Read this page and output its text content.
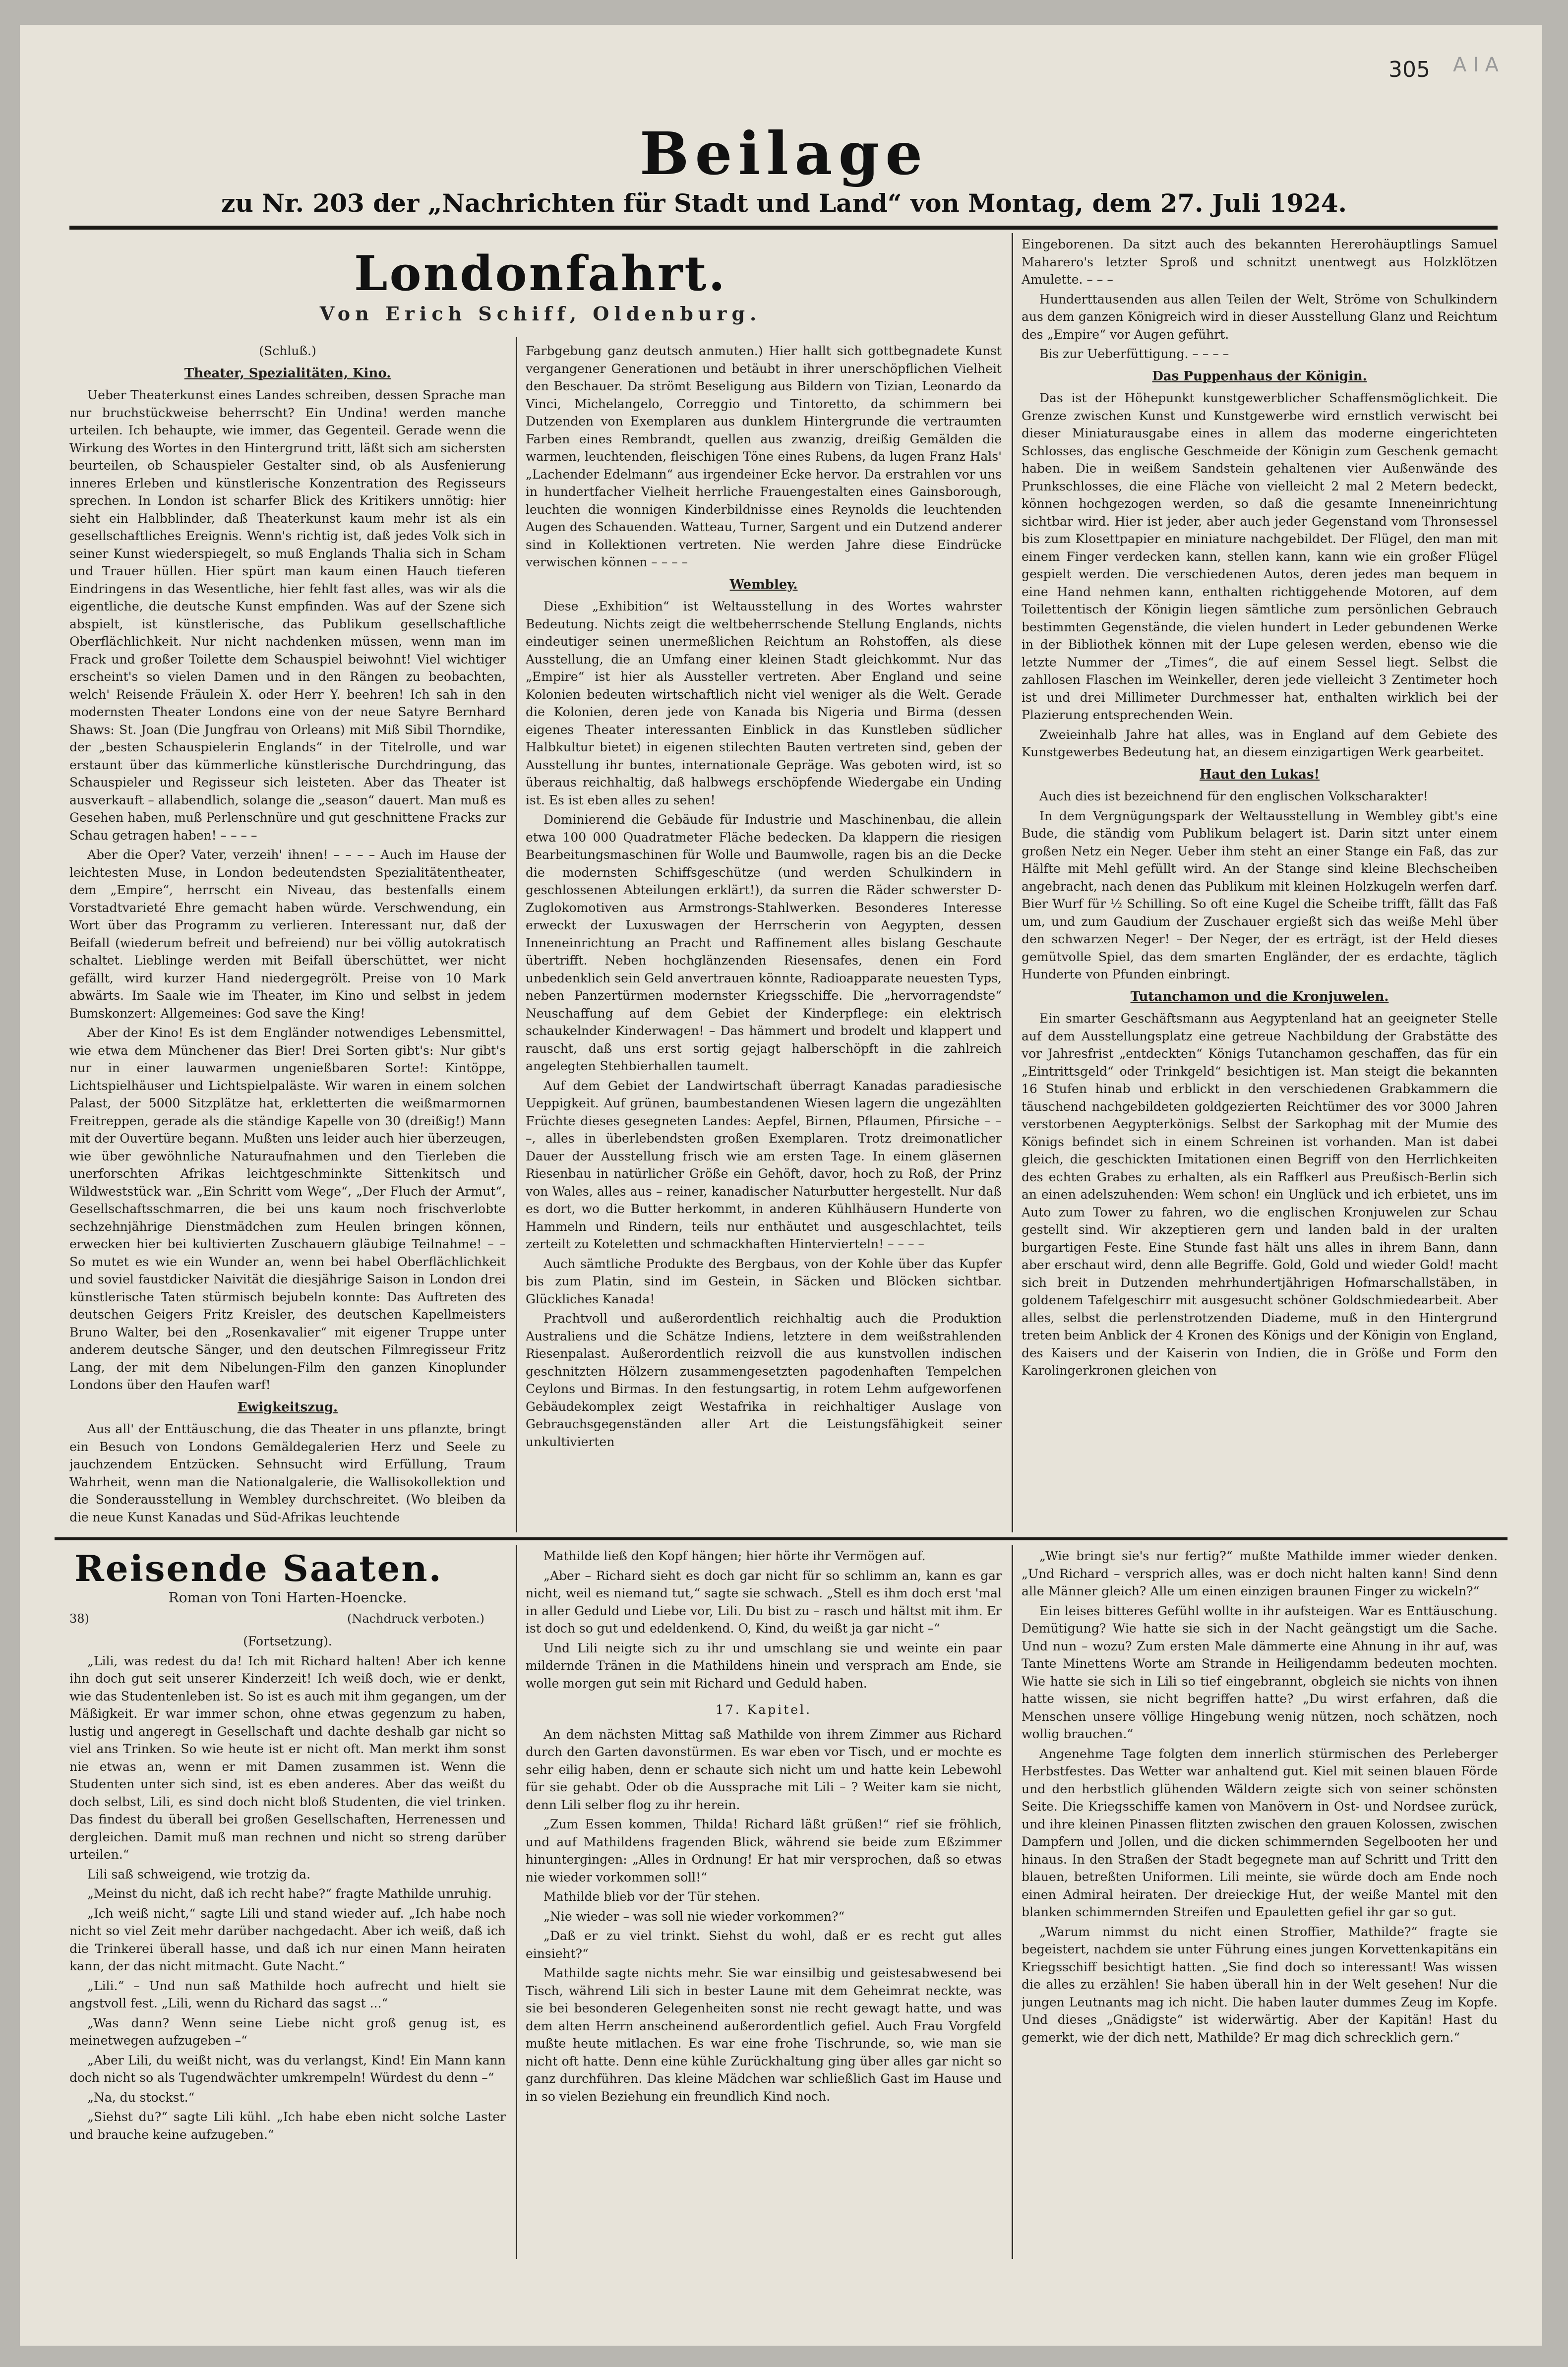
305 A I A
Beilage
zu Nr. 203 der „Nachrichten für Stadt und Land“ von Montag, dem 27. Juli 1924.
Londonfahrt.
Von Erich Schiff, Oldenburg.

(Schluß.)

Theater, Spezialitäten, Kino.

Ueber Theaterkunst eines Landes schreiben, dessen Sprache man nur bruchstückweise beherrscht? Ein Undina! werden manche urteilen. Ich behaupte, wie immer, das Gegenteil. Gerade wenn die Wirkung des Wortes in den Hintergrund tritt, läßt sich am sichersten beurteilen, ob Schauspieler Gestalter sind, ob als Ausfenierung inneres Erleben und künstlerische Konzentration des Regisseurs sprechen. In London ist scharfer Blick des Kritikers unnötig: hier sieht ein Halbblinder, daß Theaterkunst kaum mehr ist als ein gesellschaftliches Ereignis. Wenn's richtig ist, daß jedes Volk sich in seiner Kunst wiederspiegelt, so muß Englands Thalia sich in Scham und Trauer hüllen. Hier spürt man kaum einen Hauch tieferen Eindringens in das Wesentliche, hier fehlt fast alles, was wir als die eigentliche, die deutsche Kunst empfinden. Was auf der Szene sich abspielt, ist künstlerische, das Publikum gesellschaftliche Oberflächlichkeit. Nur nicht nachdenken müssen, wenn man im Frack und großer Toilette dem Schauspiel beiwohnt! Viel wichtiger erscheint's so vielen Damen und in den Rängen zu beobachten, welch' Reisende Fräulein X. oder Herr Y. beehren! Ich sah in den modernsten Theater Londons eine von der neue Satyre Bernhard Shaws: St. Joan (Die Jungfrau von Orleans) mit Miß Sibil Thorndike, der „besten Schauspielerin Englands“ in der Titelrolle, und war erstaunt über das kümmerliche künstlerische Durchdringung, das Schauspieler und Regisseur sich leisteten. Aber das Theater ist ausverkauft – allabendlich, solange die „season“ dauert. Man muß es Gesehen haben, muß Perlenschnüre und gut geschnittene Fracks zur Schau getragen haben! – – – –

Aber die Oper? Vater, verzeih' ihnen! – – – – Auch im Hause der leichtesten Muse, in London bedeutendsten Spezialitätentheater, dem „Empire“, herrscht ein Niveau, das bestenfalls einem Vorstadtvarieté Ehre gemacht haben würde. Verschwendung, ein Wort über das Programm zu verlieren. Interessant nur, daß der Beifall (wiederum befreit und befreiend) nur bei völlig autokratisch schaltet. Lieblinge werden mit Beifall überschüttet, wer nicht gefällt, wird kurzer Hand niedergegrölt. Preise von 10 Mark abwärts. Im Saale wie im Theater, im Kino und selbst in jedem Bumskonzert: Allgemeines: God save the King!

Aber der Kino! Es ist dem Engländer notwendiges Lebensmittel, wie etwa dem Münchener das Bier! Drei Sorten gibt's: Nur gibt's nur in einer lauwarmen ungenießbaren Sorte!: Kintöppe, Lichtspielhäuser und Lichtspielpaläste. Wir waren in einem solchen Palast, der 5000 Sitzplätze hat, erkletterten die weißmarmornen Freitreppen, gerade als die ständige Kapelle von 30 (dreißig!) Mann mit der Ouvertüre begann. Mußten uns leider auch hier überzeugen, wie über gewöhnliche Naturaufnahmen und den Tierleben die unerforschten Afrikas leichtgeschminkte Sittenkitsch und Wildweststück war. „Ein Schritt vom Wege“, „Der Fluch der Armut“, Gesellschaftsschmarren, die bei uns kaum noch frischverlobte sechzehnjährige Dienstmädchen zum Heulen bringen können, erwecken hier bei kultivierten Zuschauern gläubige Teilnahme! – – So mutet es wie ein Wunder an, wenn bei habel Oberflächlichkeit und soviel faustdicker Naivität die diesjährige Saison in London drei künstlerische Taten stürmisch bejubeln konnte: Das Auftreten des deutschen Geigers Fritz Kreisler, des deutschen Kapellmeisters Bruno Walter, bei den „Rosenkavalier“ mit eigener Truppe unter anderem deutsche Sänger, und den deutschen Filmregisseur Fritz Lang, der mit dem Nibelungen-Film den ganzen Kinoplunder Londons über den Haufen warf!

Ewigkeitszug.

Aus all' der Enttäuschung, die das Theater in uns pflanzte, bringt ein Besuch von Londons Gemäldegalerien Herz und Seele zu jauchzendem Entzücken. Sehnsucht wird Erfüllung, Traum Wahrheit, wenn man die Nationalgalerie, die Wallisokollektion und die Sonderausstellung in Wembley durchschreitet. (Wo bleiben da die neue Kunst Kanadas und Süd-Afrikas leuchtende

Farbgebung ganz deutsch anmuten.) Hier hallt sich gottbegnadete Kunst vergangener Generationen und betäubt in ihrer unerschöpflichen Vielheit den Beschauer. Da strömt Beseligung aus Bildern von Tizian, Leonardo da Vinci, Michelangelo, Correggio und Tintoretto, da schimmern bei Dutzenden von Exemplaren aus dunklem Hintergrunde die vertraumten Farben eines Rembrandt, quellen aus zwanzig, dreißig Gemälden die warmen, leuchtenden, fleischigen Töne eines Rubens, da lugen Franz Hals' „Lachender Edelmann“ aus irgendeiner Ecke hervor. Da erstrahlen vor uns in hundertfacher Vielheit herrliche Frauengestalten eines Gainsborough, leuchten die wonnigen Kinderbildnisse eines Reynolds die leuchtenden Augen des Schauenden. Watteau, Turner, Sargent und ein Dutzend anderer sind in Kollektionen vertreten. Nie werden Jahre diese Eindrücke verwischen können – – – –

Wembley.

Diese „Exhibition“ ist Weltausstellung in des Wortes wahrster Bedeutung. Nichts zeigt die weltbeherrschende Stellung Englands, nichts eindeutiger seinen unermeßlichen Reichtum an Rohstoffen, als diese Ausstellung, die an Umfang einer kleinen Stadt gleichkommt. Nur das „Empire“ ist hier als Aussteller vertreten. Aber England und seine Kolonien bedeuten wirtschaftlich nicht viel weniger als die Welt. Gerade die Kolonien, deren jede von Kanada bis Nigeria und Birma (dessen eigenes Theater interessanten Einblick in das Kunstleben südlicher Halbkultur bietet) in eigenen stilechten Bauten vertreten sind, geben der Ausstellung ihr buntes, internationale Gepräge. Was geboten wird, ist so überaus reichhaltig, daß halbwegs erschöpfende Wiedergabe ein Unding ist. Es ist eben alles zu sehen!

Dominierend die Gebäude für Industrie und Maschinenbau, die allein etwa 100 000 Quadratmeter Fläche bedecken. Da klappern die riesigen Bearbeitungsmaschinen für Wolle und Baumwolle, ragen bis an die Decke die modernsten Schiffsgeschütze (und werden Schulkindern in geschlossenen Abteilungen erklärt!), da surren die Räder schwerster D-Zuglokomotiven aus Armstrongs-Stahlwerken. Besonderes Interesse erweckt der Luxuswagen der Herrscherin von Aegypten, dessen Inneneinrichtung an Pracht und Raffinement alles bislang Geschaute übertrifft. Neben hochglänzenden Riesensafes, denen ein Ford unbedenklich sein Geld anvertrauen könnte, Radioapparate neuesten Typs, neben Panzertürmen modernster Kriegsschiffe. Die „hervorragendste“ Neuschaffung auf dem Gebiet der Kinderpflege: ein elektrisch schaukelnder Kinderwagen! – Das hämmert und brodelt und klappert und rauscht, daß uns erst sortig gejagt halberschöpft in die zahlreich angelegten Stehbierhallen taumelt.

Auf dem Gebiet der Landwirtschaft überragt Kanadas paradiesische Ueppigkeit. Auf grünen, baumbestandenen Wiesen lagern die ungezählten Früchte dieses gesegneten Landes: Aepfel, Birnen, Pflaumen, Pfirsiche – – –, alles in überlebendsten großen Exemplaren. Trotz dreimonatlicher Dauer der Ausstellung frisch wie am ersten Tage. In einem gläsernen Riesenbau in natürlicher Größe ein Gehöft, davor, hoch zu Roß, der Prinz von Wales, alles aus – reiner, kanadischer Naturbutter hergestellt. Nur daß es dort, wo die Butter herkommt, in anderen Kühlhäusern Hunderte von Hammeln und Rindern, teils nur enthäutet und ausgeschlachtet, teils zerteilt zu Koteletten und schmackhaften Hintervierteln! – – – –

Auch sämtliche Produkte des Bergbaus, von der Kohle über das Kupfer bis zum Platin, sind im Gestein, in Säcken und Blöcken sichtbar. Glückliches Kanada!

Prachtvoll und außerordentlich reichhaltig auch die Produktion Australiens und die Schätze Indiens, letztere in dem weißstrahlenden Riesenpalast. Außerordentlich reizvoll die aus kunstvollen indischen geschnitzten Hölzern zusammengesetzten pagodenhaften Tempelchen Ceylons und Birmas. In den festungsartig, in rotem Lehm aufgeworfenen Gebäudekomplex zeigt Westafrika in reichhaltiger Auslage von Gebrauchsgegenständen aller Art die Leistungsfähigkeit seiner unkultivierten

Eingeborenen. Da sitzt auch des bekannten Hererohäuptlings Samuel Maharero's letzter Sproß und schnitzt unentwegt aus Holzklötzen Amulette. – – –

Hunderttausenden aus allen Teilen der Welt, Ströme von Schulkindern aus dem ganzen Königreich wird in dieser Ausstellung Glanz und Reichtum des „Empire“ vor Augen geführt.

Bis zur Ueberfüttigung. – – – –

Das Puppenhaus der Königin.

Das ist der Höhepunkt kunstgewerblicher Schaffensmöglichkeit. Die Grenze zwischen Kunst und Kunstgewerbe wird ernstlich verwischt bei dieser Miniaturausgabe eines in allem das moderne eingerichteten Schlosses, das englische Geschmeide der Königin zum Geschenk gemacht haben. Die in weißem Sandstein gehaltenen vier Außenwände des Prunkschlosses, die eine Fläche von vielleicht 2 mal 2 Metern bedeckt, können hochgezogen werden, so daß die gesamte Inneneinrichtung sichtbar wird. Hier ist jeder, aber auch jeder Gegenstand vom Thronsessel bis zum Klosettpapier en miniature nachgebildet. Der Flügel, den man mit einem Finger verdecken kann, stellen kann, kann wie ein großer Flügel gespielt werden. Die verschiedenen Autos, deren jedes man bequem in eine Hand nehmen kann, enthalten richtiggehende Motoren, auf dem Toilettentisch der Königin liegen sämtliche zum persönlichen Gebrauch bestimmten Gegenstände, die vielen hundert in Leder gebundenen Werke in der Bibliothek können mit der Lupe gelesen werden, ebenso wie die letzte Nummer der „Times“, die auf einem Sessel liegt. Selbst die zahllosen Flaschen im Weinkeller, deren jede vielleicht 3 Zentimeter hoch ist und drei Millimeter Durchmesser hat, enthalten wirklich bei der Plazierung entsprechenden Wein.

Zweieinhalb Jahre hat alles, was in England auf dem Gebiete des Kunstgewerbes Bedeutung hat, an diesem einzigartigen Werk gearbeitet.

Haut den Lukas!

Auch dies ist bezeichnend für den englischen Volkscharakter!

In dem Vergnügungspark der Weltausstellung in Wembley gibt's eine Bude, die ständig vom Publikum belagert ist. Darin sitzt unter einem großen Netz ein Neger. Ueber ihm steht an einer Stange ein Faß, das zur Hälfte mit Mehl gefüllt wird. An der Stange sind kleine Blechscheiben angebracht, nach denen das Publikum mit kleinen Holzkugeln werfen darf. Bier Wurf für ½ Schilling. So oft eine Kugel die Scheibe trifft, fällt das Faß um, und zum Gaudium der Zuschauer ergießt sich das weiße Mehl über den schwarzen Neger! – Der Neger, der es erträgt, ist der Held dieses gemütvolle Spiel, das dem smarten Engländer, der es erdachte, täglich Hunderte von Pfunden einbringt.

Tutanchamon und die Kronjuwelen.

Ein smarter Geschäftsmann aus Aegyptenland hat an geeigneter Stelle auf dem Ausstellungsplatz eine getreue Nachbildung der Grabstätte des vor Jahresfrist „entdeckten“ Königs Tutanchamon geschaffen, das für ein „Eintrittsgeld“ oder Trinkgeld“ besichtigen ist. Man steigt die bekannten 16 Stufen hinab und erblickt in den verschiedenen Grabkammern die täuschend nachgebildeten goldgezierten Reichtümer des vor 3000 Jahren verstorbenen Aegypterkönigs. Selbst der Sarkophag mit der Mumie des Königs befindet sich in einem Schreinen ist vorhanden. Man ist dabei gleich, die geschickten Imitationen einen Begriff von den Herrlichkeiten des echten Grabes zu erhalten, als ein Raffkerl aus Preußisch-Berlin sich an einen adelszuhenden: Wem schon! ein Unglück und ich erbietet, uns im Auto zum Tower zu fahren, wo die englischen Kronjuwelen zur Schau gestellt sind. Wir akzeptieren gern und landen bald in der uralten burgartigen Feste. Eine Stunde fast hält uns alles in ihrem Bann, dann aber erschaut wird, denn alle Begriffe. Gold, Gold und wieder Gold! macht sich breit in Dutzenden mehrhundertjährigen Hofmarschallstäben, in goldenem Tafelgeschirr mit ausgesucht schöner Goldschmiedearbeit. Aber alles, selbst die perlenstrotzenden Diademe, muß in den Hintergrund treten beim Anblick der 4 Kronen des Königs und der Königin von England, des Kaisers und der Kaiserin von Indien, die in Größe und Form den Karolingerkronen gleichen von

Reisende Saaten.
Roman von Toni Harten-Hoencke.
38)	(Nachdruck verboten.)

(Fortsetzung).

„Lili, was redest du da! Ich mit Richard halten! Aber ich kenne ihn doch gut seit unserer Kinderzeit! Ich weiß doch, wie er denkt, wie das Studentenleben ist. So ist es auch mit ihm gegangen, um der Mäßigkeit. Er war immer schon, ohne etwas gegenzum zu haben, lustig und angeregt in Gesellschaft und dachte deshalb gar nicht so viel ans Trinken. So wie heute ist er nicht oft. Man merkt ihm sonst nie etwas an, wenn er mit Damen zusammen ist. Wenn die Studenten unter sich sind, ist es eben anderes. Aber das weißt du doch selbst, Lili, es sind doch nicht bloß Studenten, die viel trinken. Das findest du überall bei großen Gesellschaften, Herrenessen und dergleichen. Damit muß man rechnen und nicht so streng darüber urteilen.“

Lili saß schweigend, wie trotzig da.

„Meinst du nicht, daß ich recht habe?“ fragte Mathilde unruhig.

„Ich weiß nicht,“ sagte Lili und stand wieder auf. „Ich habe noch nicht so viel Zeit mehr darüber nachgedacht. Aber ich weiß, daß ich die Trinkerei überall hasse, und daß ich nur einen Mann heiraten kann, der das nicht mitmacht. Gute Nacht.“

„Lili.“ – Und nun saß Mathilde hoch aufrecht und hielt sie angstvoll fest. „Lili, wenn du Richard das sagst ...“

„Was dann? Wenn seine Liebe nicht groß genug ist, es meinetwegen aufzugeben –“

„Aber Lili, du weißt nicht, was du verlangst, Kind! Ein Mann kann doch nicht so als Tugendwächter umkrempeln! Würdest du denn –“

„Na, du stockst.“

„Siehst du?“ sagte Lili kühl. „Ich habe eben nicht solche Laster und brauche keine aufzugeben.“

Mathilde ließ den Kopf hängen; hier hörte ihr Vermögen auf.

„Aber – Richard sieht es doch gar nicht für so schlimm an, kann es gar nicht, weil es niemand tut,“ sagte sie schwach. „Stell es ihm doch erst 'mal in aller Geduld und Liebe vor, Lili. Du bist zu – rasch und hältst mit ihm. Er ist doch so gut und edeldenkend. O, Kind, du weißt ja gar nicht –“

Und Lili neigte sich zu ihr und umschlang sie und weinte ein paar mildernde Tränen in die Mathildens hinein und versprach am Ende, sie wolle morgen gut sein mit Richard und Geduld haben.

17. Kapitel.

An dem nächsten Mittag saß Mathilde von ihrem Zimmer aus Richard durch den Garten davonstürmen. Es war eben vor Tisch, und er mochte es sehr eilig haben, denn er schaute sich nicht um und hatte kein Lebewohl für sie gehabt. Oder ob die Aussprache mit Lili – ? Weiter kam sie nicht, denn Lili selber flog zu ihr herein.

„Zum Essen kommen, Thilda! Richard läßt grüßen!“ rief sie fröhlich, und auf Mathildens fragenden Blick, während sie beide zum Eßzimmer hinuntergingen: „Alles in Ordnung! Er hat mir versprochen, daß so etwas nie wieder vorkommen soll!“

Mathilde blieb vor der Tür stehen.

„Nie wieder – was soll nie wieder vorkommen?“

„Daß er zu viel trinkt. Siehst du wohl, daß er es recht gut alles einsieht?“

Mathilde sagte nichts mehr. Sie war einsilbig und geistesabwesend bei Tisch, während Lili sich in bester Laune mit dem Geheimrat neckte, was sie bei besonderen Gelegenheiten sonst nie recht gewagt hatte, und was dem alten Herrn anscheinend außerordentlich gefiel. Auch Frau Vorgfeld mußte heute mitlachen. Es war eine frohe Tischrunde, so, wie man sie nicht oft hatte. Denn eine kühle Zurückhaltung ging über alles gar nicht so ganz durchführen. Das kleine Mädchen war schließlich Gast im Hause und in so vielen Beziehung ein freundlich Kind noch.

„Wie bringt sie's nur fertig?“ mußte Mathilde immer wieder denken. „Und Richard – versprich alles, was er doch nicht halten kann! Sind denn alle Männer gleich? Alle um einen einzigen braunen Finger zu wickeln?“

Ein leises bitteres Gefühl wollte in ihr aufsteigen. War es Enttäuschung. Demütigung? Wie hatte sie sich in der Nacht geängstigt um die Sache. Und nun – wozu? Zum ersten Male dämmerte eine Ahnung in ihr auf, was Tante Minettens Worte am Strande in Heiligendamm bedeuten mochten. Wie hatte sie sich in Lili so tief eingebrannt, obgleich sie nichts von ihnen hatte wissen, sie nicht begriffen hatte? „Du wirst erfahren, daß die Menschen unsere völlige Hingebung wenig nützen, noch schätzen, noch wollig brauchen.“

Angenehme Tage folgten dem innerlich stürmischen des Perleberger Herbstfestes. Das Wetter war anhaltend gut. Kiel mit seinen blauen Förde und den herbstlich glühenden Wäldern zeigte sich von seiner schönsten Seite. Die Kriegsschiffe kamen von Manövern in Ost- und Nordsee zurück, und ihre kleinen Pinassen flitzten zwischen den grauen Kolossen, zwischen Dampfern und Jollen, und die dicken schimmernden Segelbooten her und hinaus. In den Straßen der Stadt begegnete man auf Schritt und Tritt den blauen, betreßten Uniformen. Lili meinte, sie würde doch am Ende noch einen Admiral heiraten. Der dreieckige Hut, der weiße Mantel mit den blanken schimmernden Streifen und Epauletten gefiel ihr gar so gut.

„Warum nimmst du nicht einen Stroffier, Mathilde?“ fragte sie begeistert, nachdem sie unter Führung eines jungen Korvettenkapitäns ein Kriegsschiff besichtigt hatten. „Sie find doch so interessant! Was wissen die alles zu erzählen! Sie haben überall hin in der Welt gesehen! Nur die jungen Leutnants mag ich nicht. Die haben lauter dummes Zeug im Kopfe. Und dieses „Gnädigste“ ist widerwärtig. Aber der Kapitän! Hast du gemerkt, wie der dich nett, Mathilde? Er mag dich schrecklich gern.“
